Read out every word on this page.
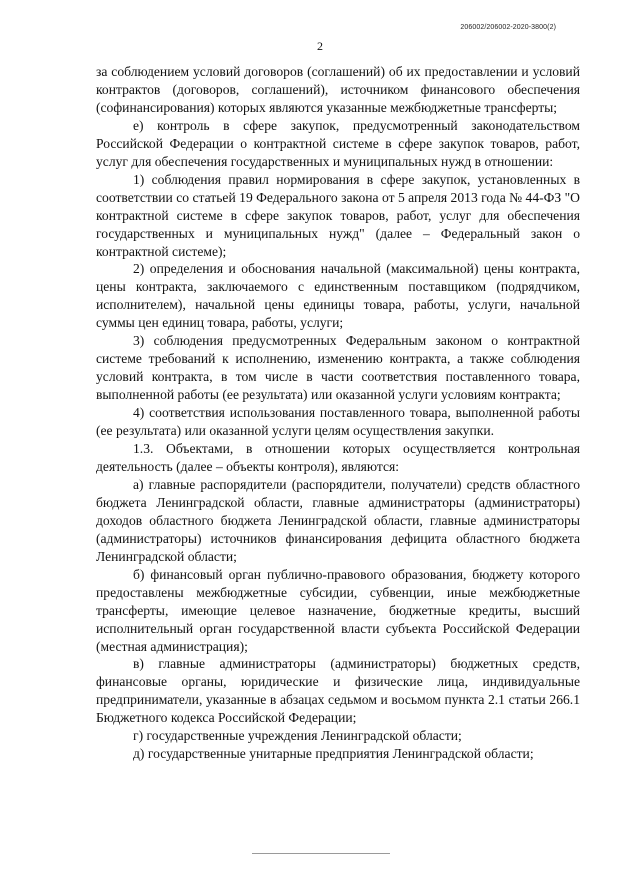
206002/206002-2020-3800(2)
2

за соблюдением условий договоров (соглашений) об их предоставлении и условий контрактов (договоров, соглашений), источником финансового обеспечения (софинансирования) которых являются указанные межбюджетные трансферты;

е) контроль в сфере закупок, предусмотренный законодательством Российской Федерации о контрактной системе в сфере закупок товаров, работ, услуг для обеспечения государственных и муниципальных нужд в отношении:

1) соблюдения правил нормирования в сфере закупок, установленных в соответствии со статьей 19 Федерального закона от 5 апреля 2013 года № 44-ФЗ "О контрактной системе в сфере закупок товаров, работ, услуг для обеспечения государственных и муниципальных нужд" (далее – Федеральный закон о контрактной системе);

2) определения и обоснования начальной (максимальной) цены контракта, цены контракта, заключаемого с единственным поставщиком (подрядчиком, исполнителем), начальной цены единицы товара, работы, услуги, начальной суммы цен единиц товара, работы, услуги;

3) соблюдения предусмотренных Федеральным законом о контрактной системе требований к исполнению, изменению контракта, а также соблюдения условий контракта, в том числе в части соответствия поставленного товара, выполненной работы (ее результата) или оказанной услуги условиям контракта;

4) соответствия использования поставленного товара, выполненной работы (ее результата) или оказанной услуги целям осуществления закупки.

1.3. Объектами, в отношении которых осуществляется контрольная деятельность (далее – объекты контроля), являются:

а) главные распорядители (распорядители, получатели) средств областного бюджета Ленинградской области, главные администраторы (администраторы) доходов областного бюджета Ленинградской области, главные администраторы (администраторы) источников финансирования дефицита областного бюджета Ленинградской области;

б) финансовый орган публично-правового образования, бюджету которого предоставлены межбюджетные субсидии, субвенции, иные межбюджетные трансферты, имеющие целевое назначение, бюджетные кредиты, высший исполнительный орган государственной власти субъекта Российской Федерации (местная администрация);

в) главные администраторы (администраторы) бюджетных средств, финансовые органы, юридические и физические лица, индивидуальные предприниматели, указанные в абзацах седьмом и восьмом пункта 2.1 статьи 266.1 Бюджетного кодекса Российской Федерации;

г) государственные учреждения Ленинградской области;

д) государственные унитарные предприятия Ленинградской области;
